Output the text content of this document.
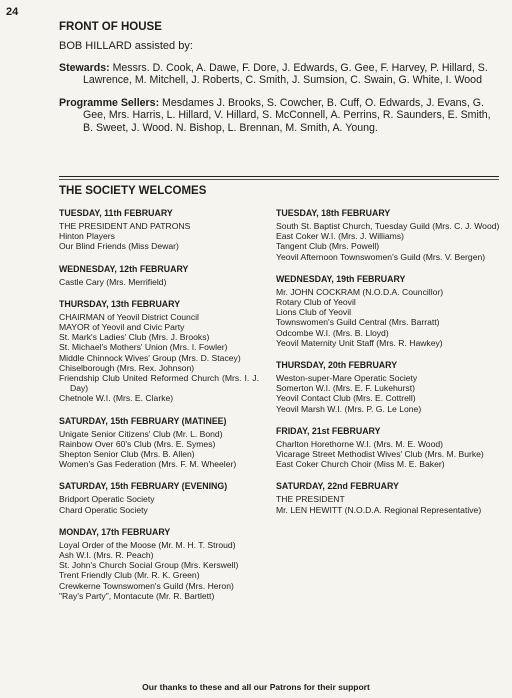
24
FRONT OF HOUSE
BOB HILLARD assisted by:
Stewards: Messrs. D. Cook, A. Dawe, F. Dore, J. Edwards, G. Gee, F. Harvey, P. Hillard, S. Lawrence, M. Mitchell, J. Roberts, C. Smith, J. Sumsion, C. Swain, G. White, I. Wood
Programme Sellers: Mesdames J. Brooks, S. Cowcher, B. Cuff, O. Edwards, J. Evans, G. Gee, Mrs. Harris, L. Hillard, V. Hillard, S. McConnell, A. Perrins, R. Saunders, E. Smith, B. Sweet, J. Wood. N. Bishop, L. Brennan, M. Smith, A. Young.
THE SOCIETY WELCOMES
TUESDAY, 11th FEBRUARY
THE PRESIDENT AND PATRONS
Hinton Players
Our Blind Friends (Miss Dewar)
WEDNESDAY, 12th FEBRUARY
Castle Cary (Mrs. Merrifield)
THURSDAY, 13th FEBRUARY
CHAIRMAN of Yeovil District Council
MAYOR of Yeovil and Civic Party
St. Mark's Ladies' Club (Mrs. J. Brooks)
St. Michael's Mothers' Union (Mrs. I. Fowler)
Middle Chinnock Wives' Group (Mrs. D. Stacey)
Chiselborough (Mrs. Rex. Johnson)
Friendship Club United Reformed Church (Mrs. I. J. Day)
Chetnole W.I. (Mrs. E. Clarke)
SATURDAY, 15th FEBRUARY (MATINEE)
Unigate Senior Citizens' Club (Mr. L. Bond)
Rainbow Over 60's Club (Mrs. E. Symes)
Shepton Senior Club (Mrs. B. Allen)
Women's Gas Federation (Mrs. F. M. Wheeler)
SATURDAY, 15th FEBRUARY (EVENING)
Bridport Operatic Society
Chard Operatic Society
MONDAY, 17th FEBRUARY
Loyal Order of the Moose (Mr. M. H. T. Stroud)
Ash W.I. (Mrs. R. Peach)
St. John's Church Social Group (Mrs. Kerswell)
Trent Friendly Club (Mr. R. K. Green)
Crewkerne Townswomen's Guild (Mrs. Heron)
"Ray's Party", Montacute (Mr. R. Bartlett)
TUESDAY, 18th FEBRUARY
South St. Baptist Church, Tuesday Guild (Mrs. C. J. Wood)
East Coker W.I. (Mrs. J. Williams)
Tangent Club (Mrs. Powell)
Yeovil Afternoon Townswomen's Guild (Mrs. V. Bergen)
WEDNESDAY, 19th FEBRUARY
Mr. JOHN COCKRAM (N.O.D.A. Councillor)
Rotary Club of Yeovil
Lions Club of Yeovil
Townswomen's Guild Central (Mrs. Barratt)
Odcombe W.I. (Mrs. B. Lloyd)
Yeovil Maternity Unit Staff (Mrs. R. Hawkey)
THURSDAY, 20th FEBRUARY
Weston-super-Mare Operatic Society
Somerton W.I. (Mrs. E. F. Lukehurst)
Yeovil Contact Club (Mrs. E. Cottrell)
Yeovil Marsh W.I. (Mrs. P. G. Le Lone)
FRIDAY, 21st FEBRUARY
Charlton Horethorne W.I. (Mrs. M. E. Wood)
Vicarage Street Methodist Wives' Club (Mrs. M. Burke)
East Coker Church Choir (Miss M. E. Baker)
SATURDAY, 22nd FEBRUARY
THE PRESIDENT
Mr. LEN HEWITT (N.O.D.A. Regional Representative)
Our thanks to these and all our Patrons for their support
